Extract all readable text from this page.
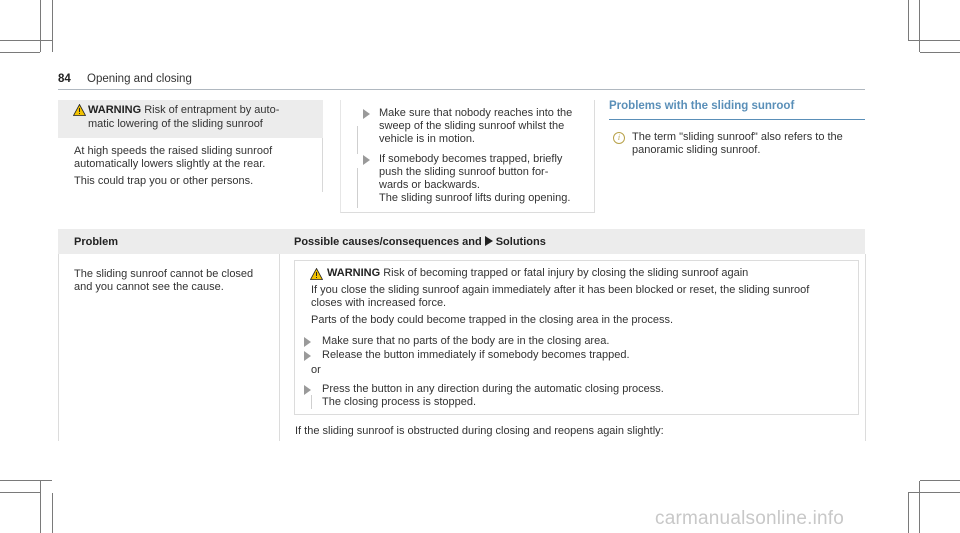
84 Opening and closing
WARNING Risk of entrapment by auto-
matic lowering of the sliding sunroof
At high speeds the raised sliding sunroof
automatically lowers slightly at the rear.
This could trap you or other persons.
Make sure that nobody reaches into the
sweep of the sliding sunroof whilst the
vehicle is in motion.
If somebody becomes trapped, briefly
push the sliding sunroof button for-
wards or backwards.
The sliding sunroof lifts during opening.
Problems with the sliding sunroof
i	The term "sliding sunroof" also refers to the
panoramic sliding sunroof.
Problem	Possible causes/consequences and Solutions
The sliding sunroof cannot be closed
and you cannot see the cause.
WARNING Risk of becoming trapped or fatal injury by closing the sliding sunroof again
If you close the sliding sunroof again immediately after it has been blocked or reset, the sliding sunroof
closes with increased force.
Parts of the body could become trapped in the closing area in the process.
Make sure that no parts of the body are in the closing area.
Release the button immediately if somebody becomes trapped.
or
Press the button in any direction during the automatic closing process.
The closing process is stopped.
If the sliding sunroof is obstructed during closing and reopens again slightly:
carmanualsonline.info
